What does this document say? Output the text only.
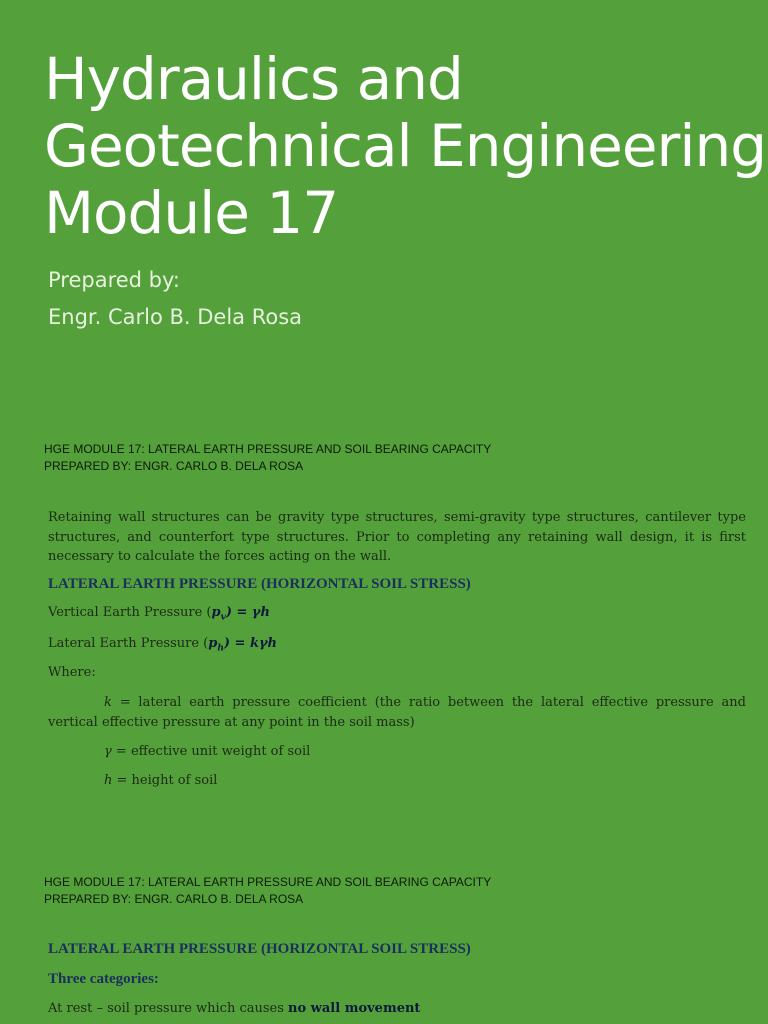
Hydraulics and
Geotechnical Engineering
Module 17
Prepared by:
Engr. Carlo B. Dela Rosa
HGE MODULE 17: LATERAL EARTH PRESSURE AND SOIL BEARING CAPACITY
PREPARED BY: ENGR. CARLO B. DELA ROSA
Retaining wall structures can be gravity type structures, semi-gravity type structures, cantilever type structures, and counterfort type structures. Prior to completing any retaining wall design, it is first necessary to calculate the forces acting on the wall.
LATERAL EARTH PRESSURE (HORIZONTAL SOIL STRESS)
Vertical Earth Pressure $(p_v) = \gamma h$
Lateral Earth Pressure $(p_h) = k\gamma h$
Where:
k = lateral earth pressure coefficient (the ratio between the lateral effective pressure and vertical effective pressure at any point in the soil mass)
γ = effective unit weight of soil
h = height of soil
HGE MODULE 17: LATERAL EARTH PRESSURE AND SOIL BEARING CAPACITY
PREPARED BY: ENGR. CARLO B. DELA ROSA
LATERAL EARTH PRESSURE (HORIZONTAL SOIL STRESS)
Three categories:
At rest – soil pressure which causes no wall movement
